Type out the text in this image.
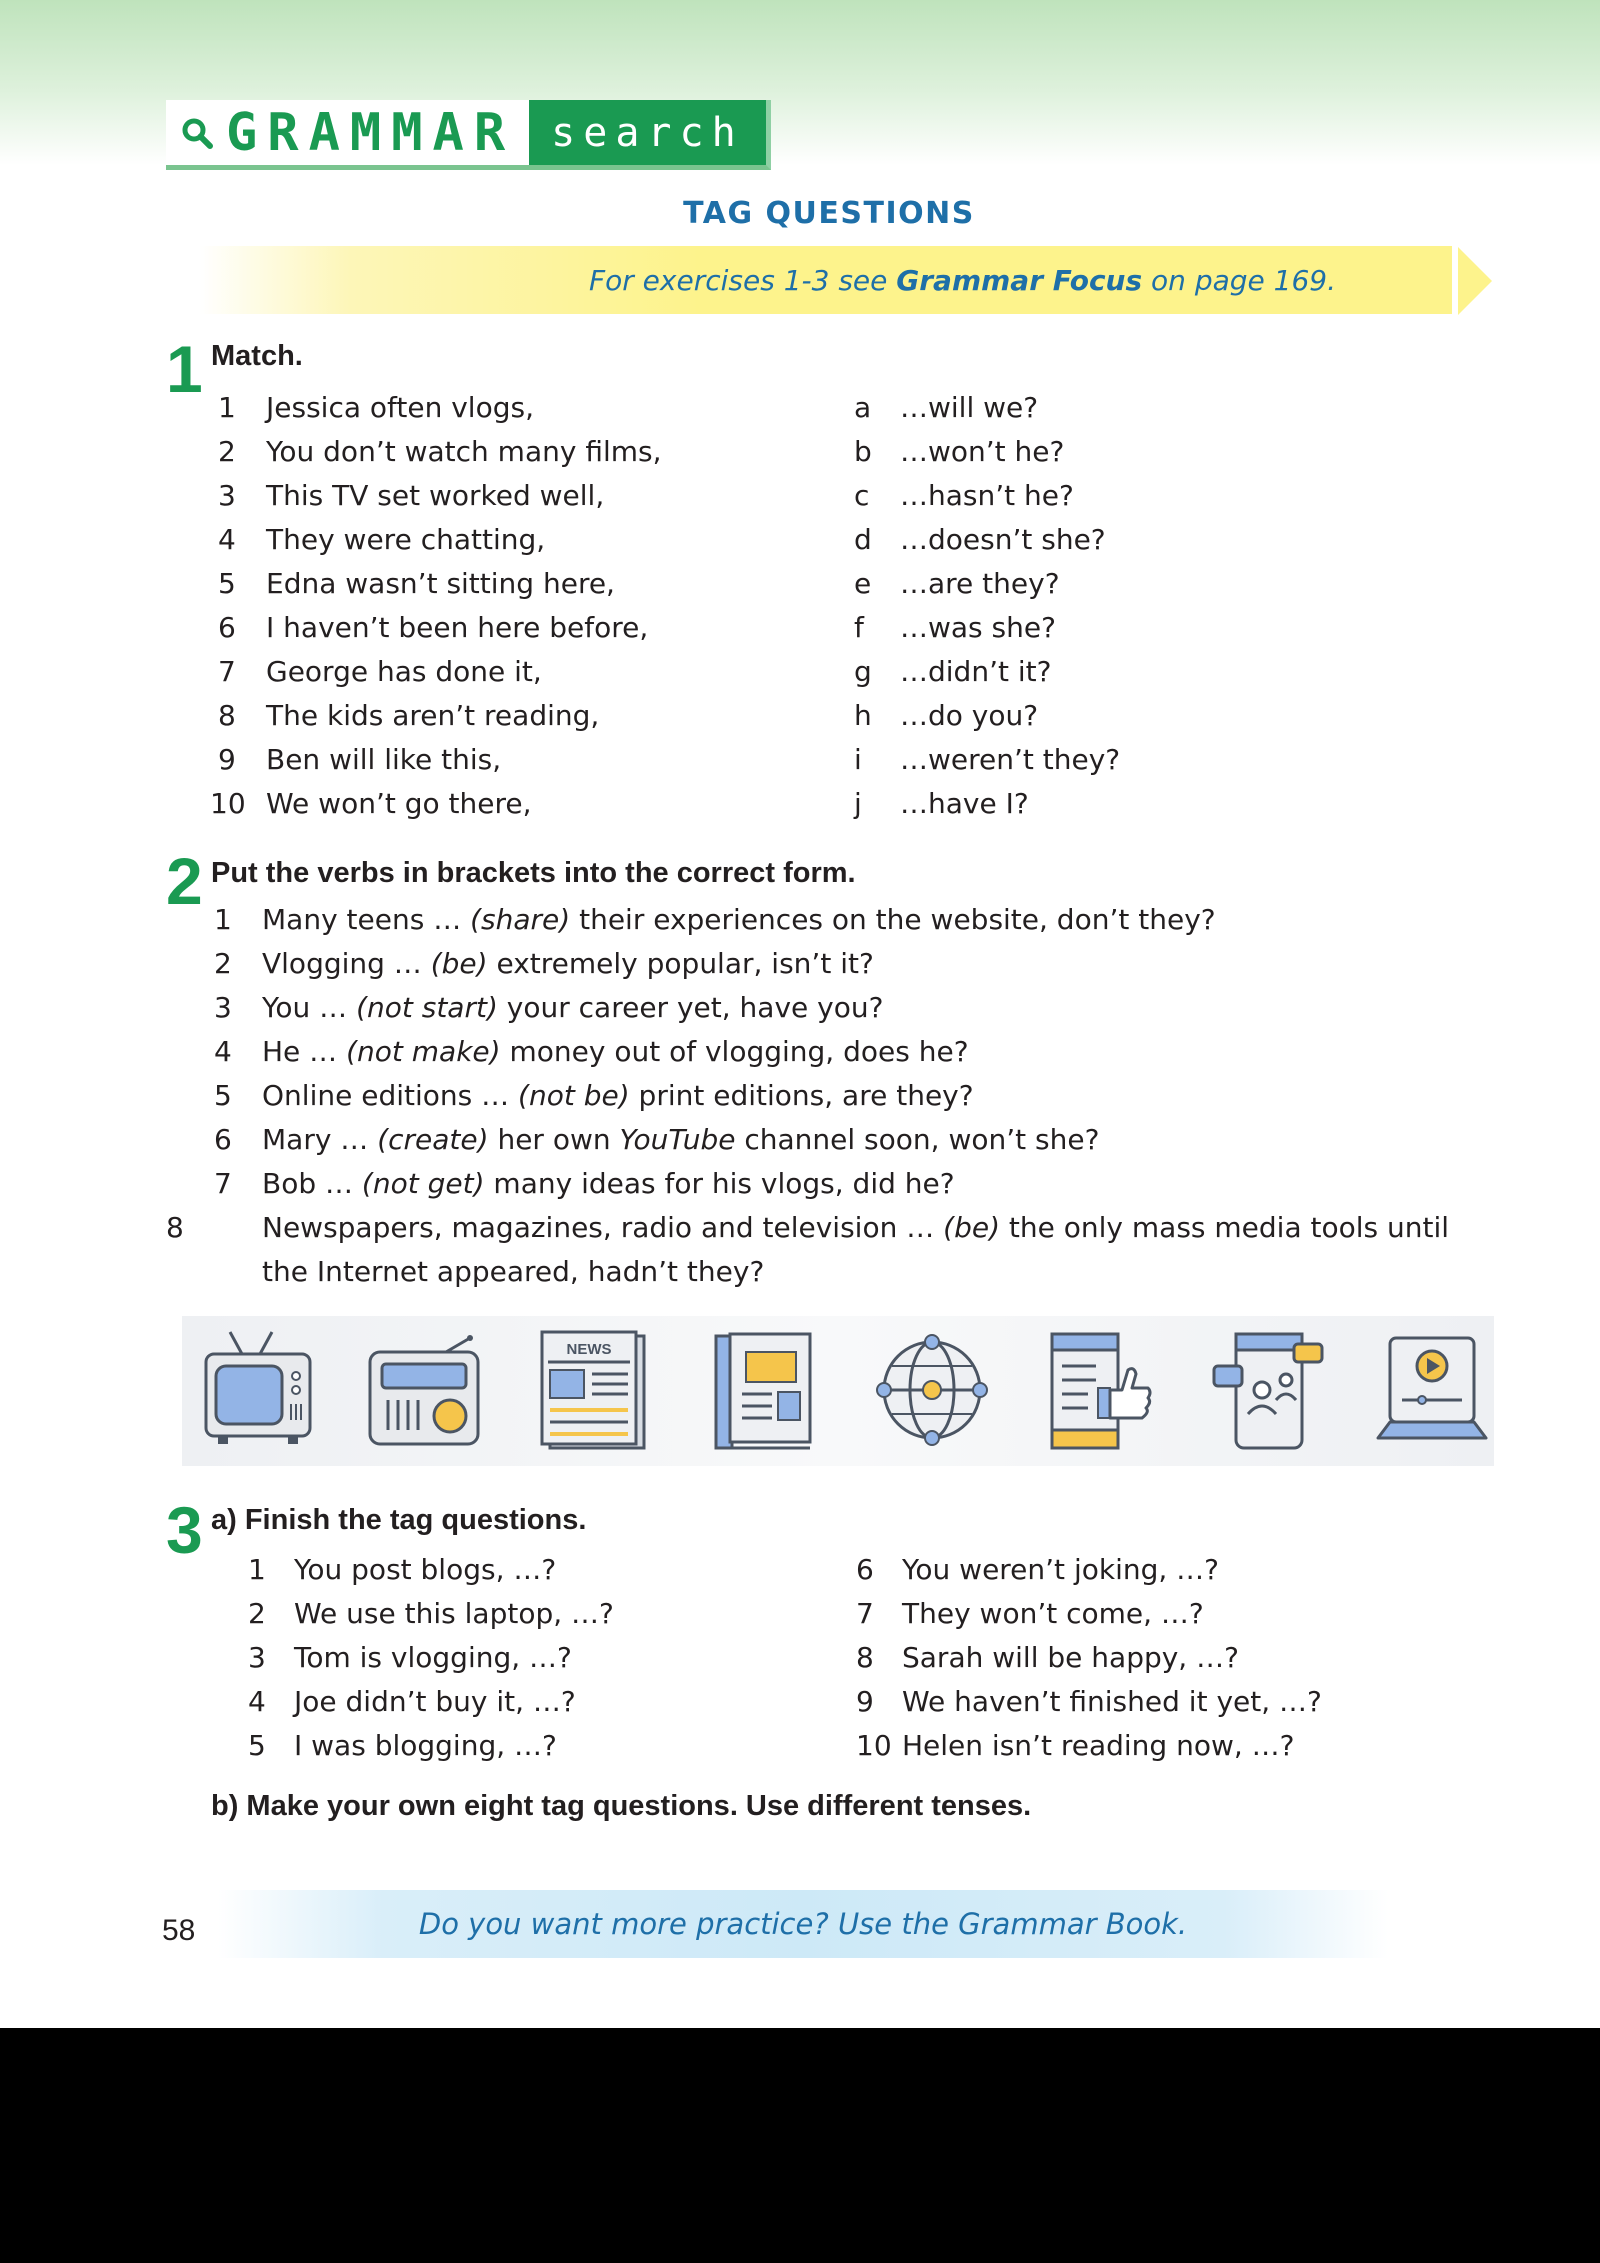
GRAMMAR search
TAG QUESTIONS
For exercises 1-3 see Grammar Focus on page 169.
1 Match.
1 Jessica often vlogs,
2 You don’t watch many films,
3 This TV set worked well,
4 They were chatting,
5 Edna wasn’t sitting here,
6 I haven’t been here before,
7 George has done it,
8 The kids aren’t reading,
9 Ben will like this,
10 We won’t go there,
a …will we?
b …won’t he?
c …hasn’t he?
d …doesn’t she?
e …are they?
f …was she?
g …didn’t it?
h …do you?
i …weren’t they?
j …have I?
2 Put the verbs in brackets into the correct form.
1 Many teens … (share) their experiences on the website, don’t they?
2 Vlogging … (be) extremely popular, isn’t it?
3 You … (not start) your career yet, have you?
4 He … (not make) money out of vlogging, does he?
5 Online editions … (not be) print editions, are they?
6 Mary … (create) her own YouTube channel soon, won’t she?
7 Bob … (not get) many ideas for his vlogs, did he?
8	Newspapers, magazines, radio and television … (be) the only mass media tools until the Internet appeared, hadn’t they?
NEWS
3 a) Finish the tag questions.
1 You post blogs, …?
2 We use this laptop, …?
3 Tom is vlogging, …?
4 Joe didn’t buy it, …?
5 I was blogging, …?
6 You weren’t joking, …?
7 They won’t come, …?
8 Sarah will be happy, …?
9 We haven’t finished it yet, …?
10 Helen isn’t reading now, …?
b) Make your own eight tag questions. Use different tenses.
58	Do you want more practice? Use the Grammar Book.
